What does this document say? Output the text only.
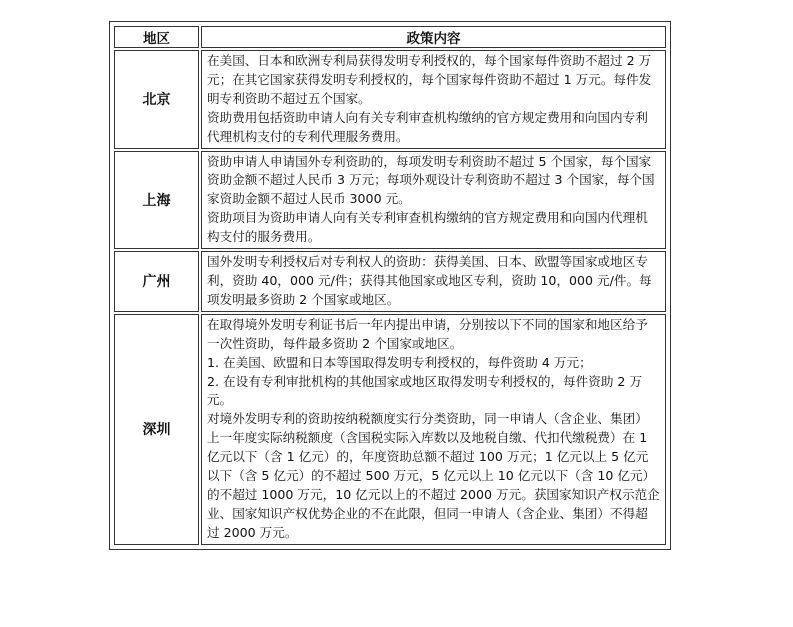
地区	政策内容
北京	在美国、日本和欧洲专利局获得发明专利授权的，每个国家每件资助不超过 2 万元；在其它国家获得发明专利授权的，每个国家每件资助不超过 1 万元。每件发明专利资助不超过五个国家。

资助费用包括资助申请人向有关专利审查机构缴纳的官方规定费用和向国内专利代理机构支付的专利代理服务费用。

上海	资助申请人申请国外专利资助的，每项发明专利资助不超过 5 个国家，每个国家资助金额不超过人民币 3 万元；每项外观设计专利资助不超过 3 个国家，每个国家资助金额不超过人民币 3000 元。

资助项目为资助申请人向有关专利审查机构缴纳的官方规定费用和向国内代理机构支付的服务费用。

广州	国外发明专利授权后对专利权人的资助：获得美国、日本、欧盟等国家或地区专利，资助 40，000 元/件；获得其他国家或地区专利，资助 10，000 元/件。每项发明最多资助 2 个国家或地区。

深圳	在取得境外发明专利证书后一年内提出申请，分别按以下不同的国家和地区给予一次性资助，每件最多资助 2 个国家或地区。

1. 在美国、欧盟和日本等国取得发明专利授权的，每件资助 4 万元；

2. 在设有专利审批机构的其他国家或地区取得发明专利授权的，每件资助 2 万元。

对境外发明专利的资助按纳税额度实行分类资助，同一申请人（含企业、集团）上一年度实际纳税额度（含国税实际入库数以及地税自缴、代扣代缴税费）在 1 亿元以下（含 1 亿元）的，年度资助总额不超过 100 万元；1 亿元以上 5 亿元以下（含 5 亿元）的不超过 500 万元，5 亿元以上 10 亿元以下（含 10 亿元）的不超过 1000 万元，10 亿元以上的不超过 2000 万元。获国家知识产权示范企业、国家知识产权优势企业的不在此限，但同一申请人（含企业、集团）不得超过 2000 万元。
